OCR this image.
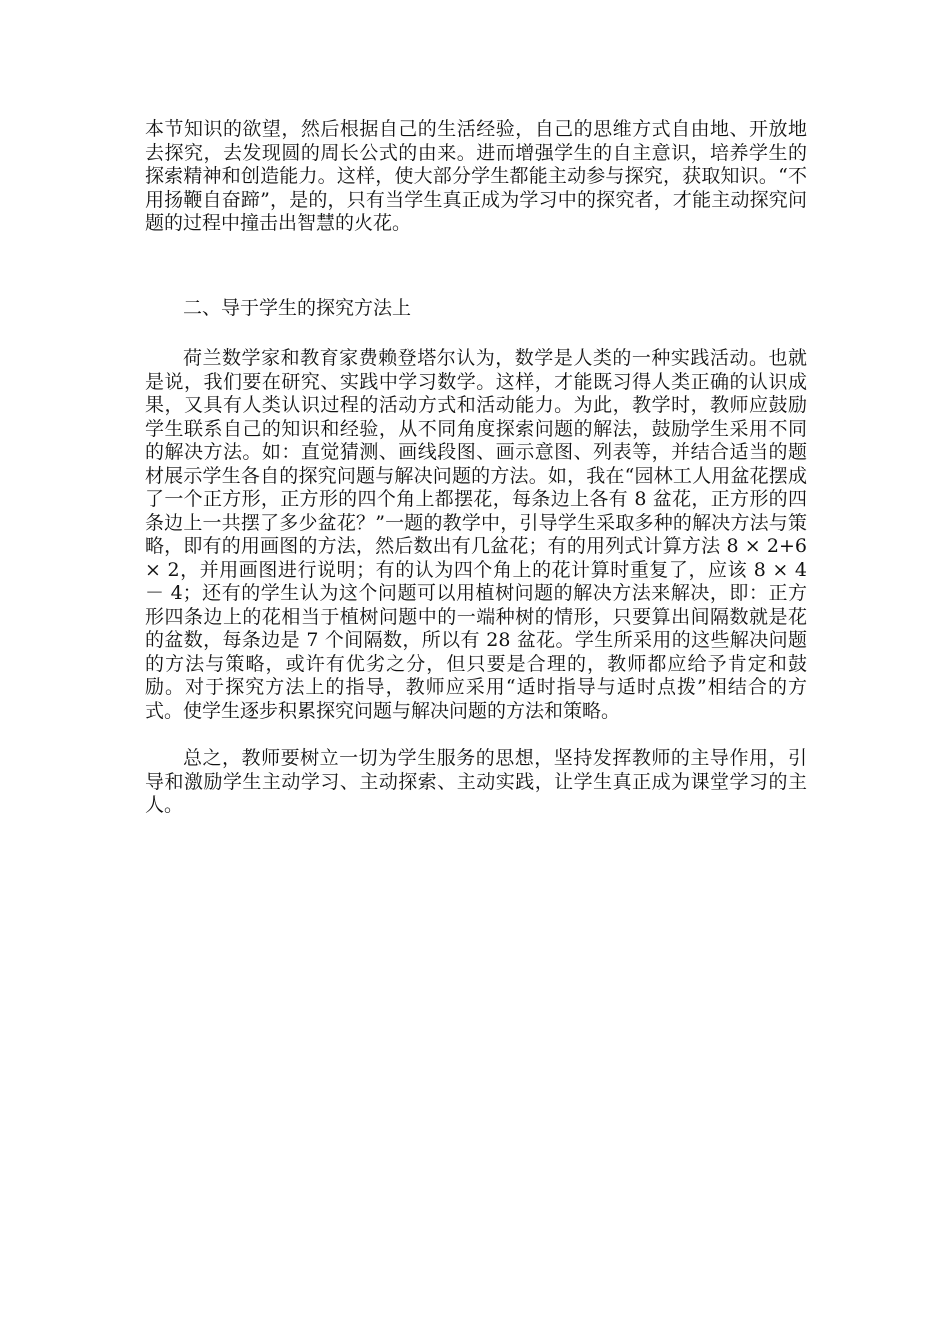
本节知识的欲望，然后根据自己的生活经验，自己的思维方式自由地、开放地去探究，去发现圆的周长公式的由来。进而增强学生的自主意识，培养学生的探索精神和创造能力。这样，使大部分学生都能主动参与探究，获取知识。“不用扬鞭自奋蹄”，是的，只有当学生真正成为学习中的探究者，才能主动探究问题的过程中撞击出智慧的火花。

二、导于学生的探究方法上

荷兰数学家和教育家费赖登塔尔认为，数学是人类的一种实践活动。也就是说，我们要在研究、实践中学习数学。这样，才能既习得人类正确的认识成果，又具有人类认识过程的活动方式和活动能力。为此，教学时，教师应鼓励学生联系自己的知识和经验，从不同角度探索问题的解法，鼓励学生采用不同的解决方法。如：直觉猜测、画线段图、画示意图、列表等，并结合适当的题材展示学生各自的探究问题与解决问题的方法。如，我在“园林工人用盆花摆成了一个正方形，正方形的四个角上都摆花，每条边上各有 8 盆花，正方形的四条边上一共摆了多少盆花？”一题的教学中，引导学生采取多种的解决方法与策略，即有的用画图的方法，然后数出有几盆花；有的用列式计算方法 8 × 2+6 × 2，并用画图进行说明；有的认为四个角上的花计算时重复了，应该 8 × 4 － 4；还有的学生认为这个问题可以用植树问题的解决方法来解决，即：正方形四条边上的花相当于植树问题中的一端种树的情形，只要算出间隔数就是花的盆数，每条边是 7 个间隔数，所以有 28 盆花。学生所采用的这些解决问题的方法与策略，或许有优劣之分，但只要是合理的，教师都应给予肯定和鼓励。对于探究方法上的指导，教师应采用“适时指导与适时点拨”相结合的方式。使学生逐步积累探究问题与解决问题的方法和策略。

总之，教师要树立一切为学生服务的思想，坚持发挥教师的主导作用，引导和激励学生主动学习、主动探索、主动实践，让学生真正成为课堂学习的主人。
